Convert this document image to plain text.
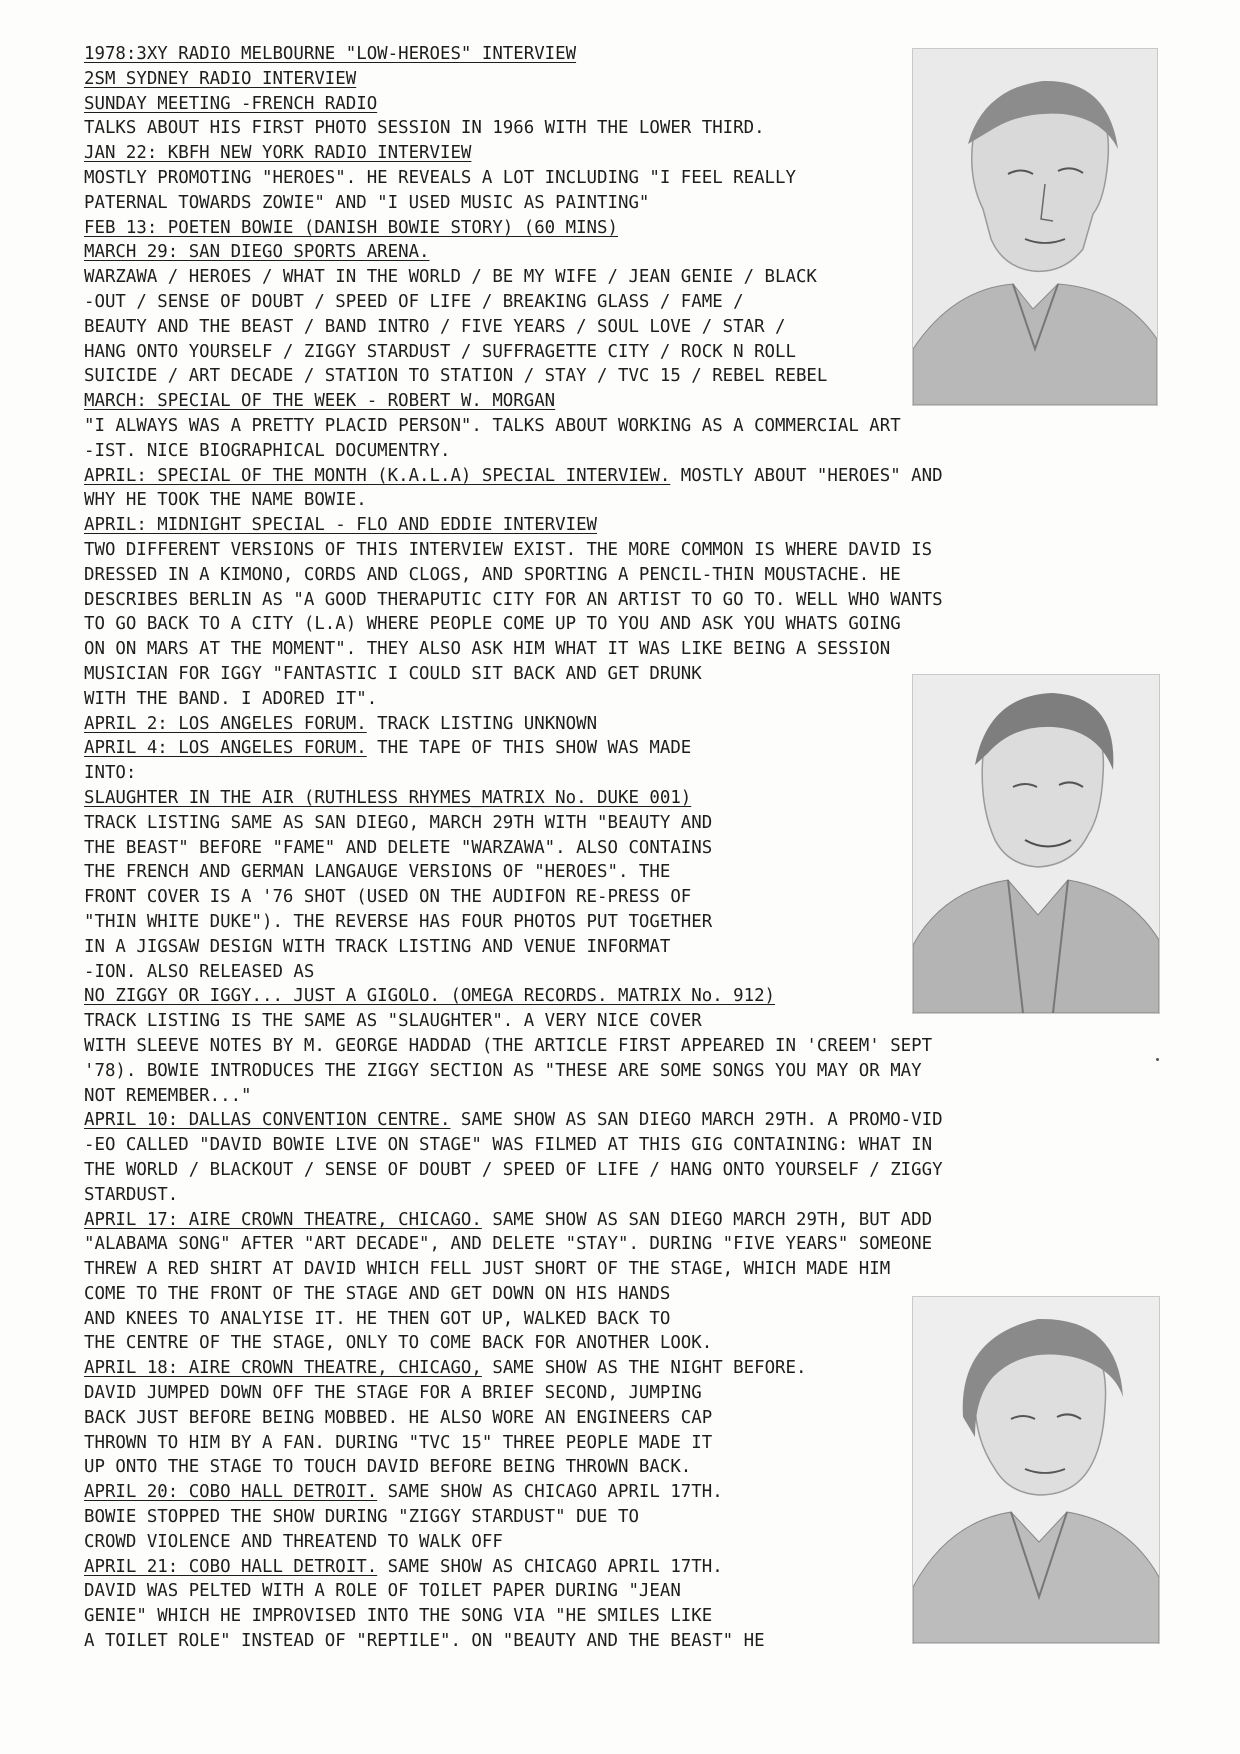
1978:3XY RADIO MELBOURNE "LOW-HEROES" INTERVIEW
2SM SYDNEY RADIO INTERVIEW
SUNDAY MEETING -FRENCH RADIO
TALKS ABOUT HIS FIRST PHOTO SESSION IN 1966 WITH THE LOWER THIRD.
JAN 22: KBFH NEW YORK RADIO INTERVIEW
MOSTLY PROMOTING "HEROES". HE REVEALS A LOT INCLUDING "I FEEL REALLY
PATERNAL TOWARDS ZOWIE" AND "I USED MUSIC AS PAINTING"
FEB 13: POETEN BOWIE (DANISH BOWIE STORY) (60 MINS)
MARCH 29: SAN DIEGO SPORTS ARENA.
WARZAWA / HEROES / WHAT IN THE WORLD / BE MY WIFE / JEAN GENIE / BLACK
-OUT / SENSE OF DOUBT / SPEED OF LIFE / BREAKING GLASS / FAME /
BEAUTY AND THE BEAST / BAND INTRO / FIVE YEARS / SOUL LOVE / STAR /
HANG ONTO YOURSELF / ZIGGY STARDUST / SUFFRAGETTE CITY / ROCK N ROLL
SUICIDE / ART DECADE / STATION TO STATION / STAY / TVC 15 / REBEL REBEL
MARCH: SPECIAL OF THE WEEK - ROBERT W. MORGAN
"I ALWAYS WAS A PRETTY PLACID PERSON". TALKS ABOUT WORKING AS A COMMERCIAL ART
-IST. NICE BIOGRAPHICAL DOCUMENTRY.
APRIL: SPECIAL OF THE MONTH (K.A.L.A) SPECIAL INTERVIEW. MOSTLY ABOUT "HEROES" AND
WHY HE TOOK THE NAME BOWIE.
APRIL: MIDNIGHT SPECIAL - FLO AND EDDIE INTERVIEW
TWO DIFFERENT VERSIONS OF THIS INTERVIEW EXIST. THE MORE COMMON IS WHERE DAVID IS
DRESSED IN A KIMONO, CORDS AND CLOGS, AND SPORTING A PENCIL-THIN MOUSTACHE. HE
DESCRIBES BERLIN AS "A GOOD THERAPUTIC CITY FOR AN ARTIST TO GO TO. WELL WHO WANTS
TO GO BACK TO A CITY (L.A) WHERE PEOPLE COME UP TO YOU AND ASK YOU WHATS GOING
ON ON MARS AT THE MOMENT". THEY ALSO ASK HIM WHAT IT WAS LIKE BEING A SESSION
MUSICIAN FOR IGGY "FANTASTIC I COULD SIT BACK AND GET DRUNK
WITH THE BAND. I ADORED IT".
APRIL 2: LOS ANGELES FORUM. TRACK LISTING UNKNOWN
APRIL 4: LOS ANGELES FORUM. THE TAPE OF THIS SHOW WAS MADE
INTO:
SLAUGHTER IN THE AIR (RUTHLESS RHYMES_MATRIX No. DUKE 001)
TRACK LISTING SAME AS SAN DIEGO, MARCH 29TH WITH "BEAUTY AND
THE BEAST" BEFORE "FAME" AND DELETE "WARZAWA". ALSO CONTAINS
THE FRENCH AND GERMAN LANGAUGE VERSIONS OF "HEROES". THE
FRONT COVER IS A '76 SHOT (USED ON THE AUDIFON RE-PRESS OF
"THIN WHITE DUKE"). THE REVERSE HAS FOUR PHOTOS PUT TOGETHER
IN A JIGSAW DESIGN WITH TRACK LISTING AND VENUE INFORMAT
-ION. ALSO RELEASED AS
NO ZIGGY OR IGGY... JUST A GIGOLO. (OMEGA RECORDS. MATRIX No. 912)
TRACK LISTING IS THE SAME AS "SLAUGHTER". A VERY NICE COVER
WITH SLEEVE NOTES BY M. GEORGE HADDAD (THE ARTICLE FIRST APPEARED IN 'CREEM' SEPT
'78). BOWIE INTRODUCES THE ZIGGY SECTION AS "THESE ARE SOME SONGS YOU MAY OR MAY
NOT REMEMBER..."
APRIL 10: DALLAS CONVENTION CENTRE. SAME SHOW AS SAN DIEGO MARCH 29TH. A PROMO-VID
-EO CALLED "DAVID BOWIE LIVE ON STAGE" WAS FILMED AT THIS GIG CONTAINING: WHAT IN
THE WORLD / BLACKOUT / SENSE OF DOUBT / SPEED OF LIFE / HANG ONTO YOURSELF / ZIGGY
STARDUST.
APRIL 17: AIRE CROWN THEATRE, CHICAGO. SAME SHOW AS SAN DIEGO MARCH 29TH, BUT ADD
"ALABAMA SONG" AFTER "ART DECADE", AND DELETE "STAY". DURING "FIVE YEARS" SOMEONE
THREW A RED SHIRT AT DAVID WHICH FELL JUST SHORT OF THE STAGE, WHICH MADE HIM
COME TO THE FRONT OF THE STAGE AND GET DOWN ON HIS HANDS
AND KNEES TO ANALYISE IT. HE THEN GOT UP, WALKED BACK TO
THE CENTRE OF THE STAGE, ONLY TO COME BACK FOR ANOTHER LOOK.
APRIL 18: AIRE CROWN THEATRE, CHICAGO, SAME SHOW AS THE NIGHT BEFORE.
DAVID JUMPED DOWN OFF THE STAGE FOR A BRIEF SECOND, JUMPING
BACK JUST BEFORE BEING MOBBED. HE ALSO WORE AN ENGINEERS CAP
THROWN TO HIM BY A FAN. DURING "TVC 15" THREE PEOPLE MADE IT
UP ONTO THE STAGE TO TOUCH DAVID BEFORE BEING THROWN BACK.
APRIL 20: COBO HALL DETROIT. SAME SHOW AS CHICAGO APRIL 17TH.
BOWIE STOPPED THE SHOW DURING "ZIGGY STARDUST" DUE TO
CROWD VIOLENCE AND THREATEND TO WALK OFF
APRIL 21: COBO HALL DETROIT. SAME SHOW AS CHICAGO APRIL 17TH.
DAVID WAS PELTED WITH A ROLE OF TOILET PAPER DURING "JEAN
GENIE" WHICH HE IMPROVISED INTO THE SONG VIA "HE SMILES LIKE
A TOILET ROLE" INSTEAD OF "REPTILE". ON "BEAUTY AND THE BEAST" HE
